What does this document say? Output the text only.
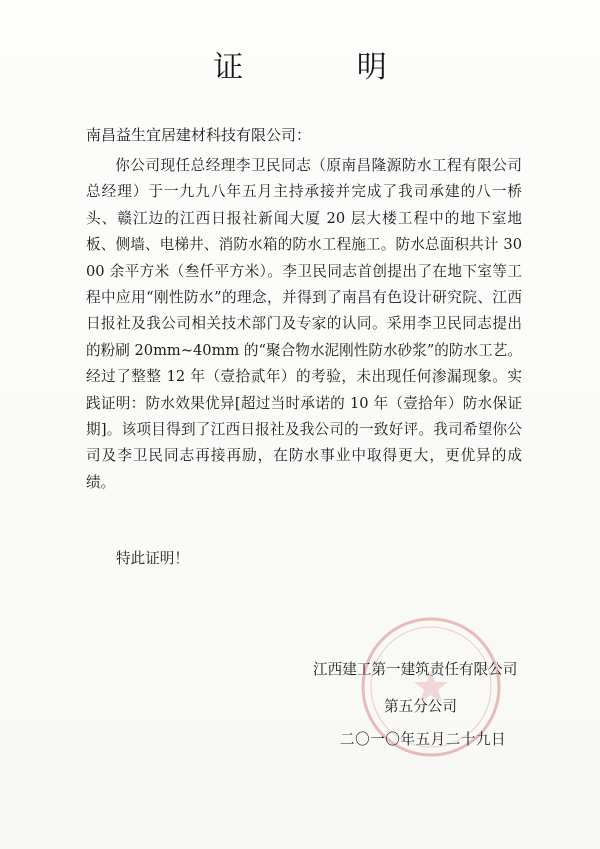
证 明
南昌益生宜居建材科技有限公司：

你公司现任总经理李卫民同志（原南昌隆源防水工程有限公司总经理）于一九九八年五月主持承接并完成了我司承建的八一桥头、赣江边的江西日报社新闻大厦 20 层大楼工程中的地下室地板、侧墙、电梯井、消防水箱的防水工程施工。防水总面积共计 3000 余平方米（叁仟平方米）。李卫民同志首创提出了在地下室等工程中应用“刚性防水”的理念，并得到了南昌有色设计研究院、江西日报社及我公司相关技术部门及专家的认同。采用李卫民同志提出的粉刷 20mm~40mm 的“聚合物水泥刚性防水砂浆”的防水工艺。经过了整整 12 年（壹拾贰年）的考验，未出现任何渗漏现象。实践证明：防水效果优异[超过当时承诺的 10 年（壹拾年）防水保证期]。该项目得到了江西日报社及我公司的一致好评。我司希望你公司及李卫民同志再接再励，在防水事业中取得更大，更优异的成绩。

特此证明！
江西建工第一建筑责任有限公司
第五分公司
二〇一〇年五月二十九日
